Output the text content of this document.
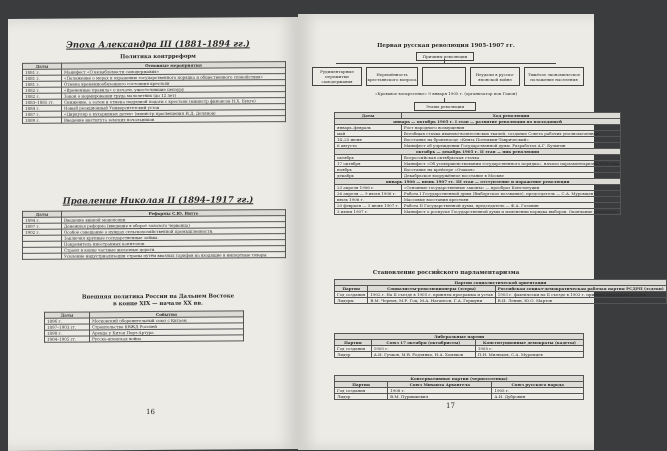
Эпоха Александра III (1881–1894 гг.)
Политика контрреформ
Даты	Основные мероприятия
1881 г.	Манифест «О незыблемости самодержавия»
1881 г.	«Положение о мерах к охранению государственного порядка и общественного спокойствия»
1881 г.	Отмена временнообязанного состояния крестьян
1882 г.	«Временные правила» о печати, ужесточившие цензуру
1882 г.	Закон о нормировании труда малолетних (до 12 лет)
1883–1885 гг.	Снижение, а затем и отмена подушной подати с крестьян (министр финансов Н.Х. Бунге)
1884 г.	Новый реакционный Университетский устав
1887 г.	«Циркуляр о кухаркиных детях» (министр просвещения И.Д. Делянов)
1889 г.	Введение института земских начальников
Правление Николая II (1894–1917 гг.)
Даты	Реформы С.Ю. Витте
1894 г.	Введение винной монополии
1897 г.	Денежная реформа (введение в оборот золотого червонца)
1902 г.	Особое совещание о нуждах сельскохозяйственной промышленности.
	Заключил крупные государственные займы.
	Покровитель иностранных капиталов.
	Строил в конце частные железные дороги.
	Усиление индустриализации страны путём ввозных тарифов на входящие в импортные товары
Внешняя политика России на Дальнем Востоке
в конце XIX — начале XX вв.
Даты	События
1896 г.	Московский оборонительный союз с Китаем
1897–1903 гг.	Строительство КВЖД Россией
1898 г.	Аренда у Китая Порт-Артура
1904–1905 гг.	Русско-японская война
16
Первая русская революция 1905-1907 гг.
Причины революции
Рудиментарные пережитки самодержавия
Нерешённость крестьянского вопроса
Неудачи в русско-японской войне
Тяжёлое экономическое положение населения
«Кровавое воскресенье» 9 января 1905 г. (организатор поп Гапон)
Этапы революции
Даты	Ход революции
январь — октябрь 1905 г. I этап — развитие революции по восходящей	
январь–февраль	Рост народного возмущения
май	Всеобщая стачка иваново-вознесенских ткачей, создание Совета рабочих уполномоченных
14–25 июня	Восстание на броненосце «Князь Потемкин-Таврический»
6 августа	Манифест об учреждении Государственной думы. Разработал А.Г. Булыгин
октябрь — декабрь 1905 г. II этап — пик революции	
октябрь	Всероссийская октябрьская стачка
17 октября	Манифест «Об усовершенствовании государственного порядка», начало парламентаризма в России
ноябрь	Восстание на крейсере «Очаков»
декабрь	Декабрьское вооружённое восстание в Москве
январь 1906 — июнь 1907 гг. III этап — отступление и поражение революции	
23 апреля 1906 г.	«Основные государственные законы» — прообраз Конституции
26 апреля — 9 июля 1906 г.	Работа I Государственной думы (Выборгское воззвание), председатель — С.А. Муромцев
июль 1906 г.	Массовые восстания крестьян
20 февраля — 3 июня 1907 г.	Работа II Государственной думы, председатель — Ф.А. Головин
3 июня 1907 г.	Манифест о роспуске Государственной думы и изменении порядка выборов. Окончание революции
Становление российского парламентаризма
Партии социалистической ориентации		
Партия	Социалисты-революционеры (эсеры)	Российская социал-демократическая рабочая партия РСДРП (эсдеки)
Год создания	1902 г. На II съезде в 1905 г. приняты программа и устав	1903 г. фактически на II съезде в 1903 г. приняты программа и устав
Лидеры	В.М. Чернов, М.Р. Гоц, М.А. Натансон, Г.А. Гершуни	В.И. Ленин, Ю.О. Мартов
Либеральные партии		
Партия	Союз 17 октября (октябристы)	Конституционные демократы (кадеты)
Год создания	1905 г.	1905 г.
Лидер	А.И. Гучков, М.В. Родзянко, Н.А. Хомяков	П.Н. Милюков, С.А. Муромцев
Консервативные партии (черносотенцы)		
Партия	Союз Михаила Архангела	Союз русского народа
Год создания	1908 г.	1905 г.
Лидер	В.М. Пуришкевич	А.И. Дубровин
17
